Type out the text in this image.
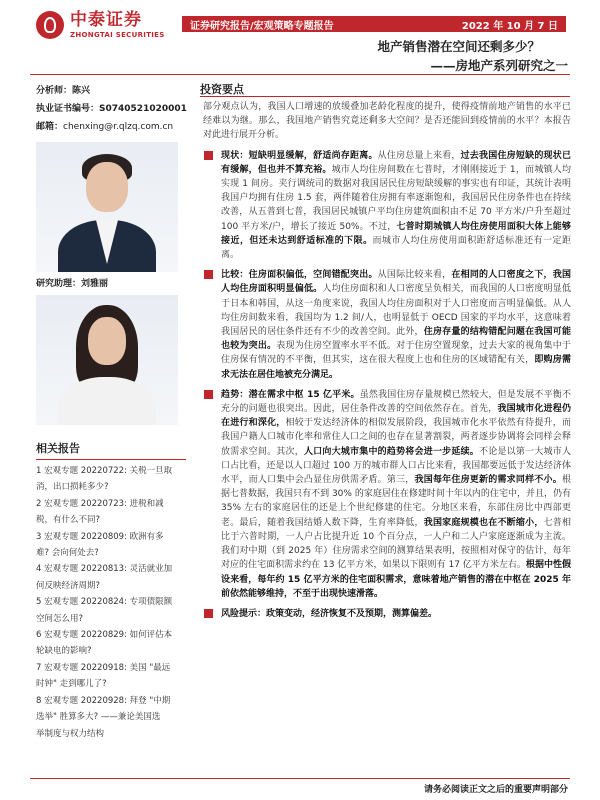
中泰证券
ZHONGTAI SECURITIES
证券研究报告/宏观策略专题报告	2022 年 10 月 7 日
地产销售潜在空间还剩多少？
——房地产系列研究之一
分析师：陈兴
执业证书编号：S0740521020001
邮箱：chenxing@r.qlzq.com.cn
研究助理：刘雅丽
相关报告
1 宏观专题 20220722: 关税一旦取
消，出口损耗多少?
2 宏观专题 20220723: 进税和减
税，有什么不同?
3 宏观专题 20220809: 欧洲有多
难? 会向何处去?
4 宏观专题 20220813: 灵活就业加
何反映经济周期?
5 宏观专题 20220824: 专项债限额
空间怎么用?
6 宏观专题 20220829: 如何评估本
轮缺电的影响?
7 宏观专题 20220918: 美国 "最远
时钟" 走到哪儿了?
8 宏观专题 20220928: 拜登 "中期
选举" 胜算多大? ——兼论美国选
举制度与权力结构
投资要点

部分观点认为，我国人口增速的放缓叠加老龄化程度的提升，使得疫情前地产销售的水平已经难以为继。那么，我国地产销售究竟还剩多大空间？是否还能回到疫情前的水平？本报告对此进行展开分析。

现状：短缺明显缓解，舒适尚存距离。从住房总量上来看，过去我国住房短缺的现状已有缓解，但也并不算充裕。城市人均住房间数在七普时，才刚刚接近于 1，而城镇人均实现 1 间房。夹行调统司的数据对我国居民住房短缺缓解的事实也有印证，其统计表明我国户均拥有住房 1.5 套，两伴随着住房拥有率逐渐饱和，我国居民住房条件也在持续改善，从五普到七普，我国居民城镇户平均住房建筑面积由不足 70 平方米/户升至超过 100 平方米/户，增长了接近 50%。不过，七普时期城镇人均住房使用面积大体上能够接近，但还未达到舒适标准的下限。而城市人均住房使用面积距舒适标准还有一定距离。
比较：住房面积偏低，空间错配突出。从国际比较来看，在相同的人口密度之下，我国人均住房面积明显偏低。人均住房面积和人口密度呈负相关，而我国的人口密度明显低于日本和韩国，从这一角度来说，我国人均住房面积对于人口密度而言明显偏低。从人均住房间数来看，我国均为 1.2 间/人，也明显低于 OECD 国家的平均水平，这意味着我国居民的居住条件还有不少的改善空间。此外，住房存量的结构错配问题在我国可能也较为突出。表现为住房空置率水平不低。对于住房空置现象，过去大家的视角集中于住房保有情况的不平衡，但其实，这在很大程度上也和住房的区域错配有关，即购房需求无法在居住地被充分满足。
趋势：潜在需求中枢 15 亿平米。虽然我国住房存量规模已然较大，但是发展不平衡不充分的问题也很突出。因此，居住条件改善的空间依然存在。首先，我国城市化进程仍在进行和深化，相较于发达经济体的相似发展阶段，我国城市化水平依然有待提升，而我国户籍人口城市化率和常住人口之间的也存在显著割裂，两者逐步协调将会同样会释放需求空间。其次，人口向大城市集中的趋势将会进一步延续。不论是以第一大城市人口占比看，还是以人口超过 100 万的城市群人口占比来看，我国都要远低于发达经济体水平，而人口集中会凸显住房供需矛盾。第三，我国每年住房更新的需求同样不小。根据七普数据，我国只有不到 30% 的家庭居住在修建时间十年以内的住宅中，并且，仍有 35% 左右的家庭居住的还是上个世纪修建的住宅。分地区来看，东部住房比中西部更老。最后，随着我国结婚人数下降，生育率降低，我国家庭规模也在不断缩小，七普相比于六普时期，一人户占比提升近 10 个百分点，一人户和二人户家庭逐渐成为主流。我们对中期（到 2025 年）住房需求空间的测算结果表明，按照相对保守的估计，每年对应的住宅面积需求约在 13 亿平方米，如果以下限则有 17 亿平方米左右。根据中性假设来看，每年约 15 亿平方米的住宅面积需求，意味着地产销售的潜在中枢在 2025 年前依然能够维持，不至于出现快速滑落。
风险提示：政策变动，经济恢复不及预期，测算偏差。
请务必阅读正文之后的重要声明部分
